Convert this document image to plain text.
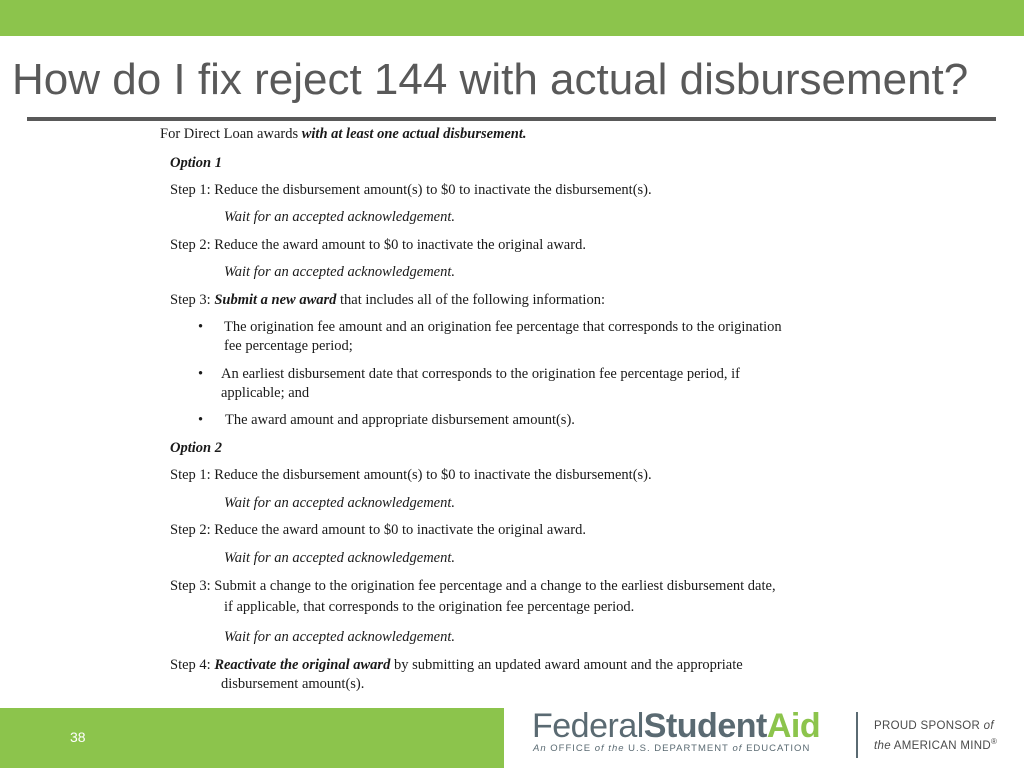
How do I fix reject 144 with actual disbursement?
For Direct Loan awards with at least one actual disbursement.
Option 1
Step 1: Reduce the disbursement amount(s) to $0 to inactivate the disbursement(s).
Wait for an accepted acknowledgement.
Step 2: Reduce the award amount to $0 to inactivate the original award.
Wait for an accepted acknowledgement.
Step 3: Submit a new award that includes all of the following information:
• The origination fee amount and an origination fee percentage that corresponds to the origination
fee percentage period;
• An earliest disbursement date that corresponds to the origination fee percentage period, if
applicable; and
• The award amount and appropriate disbursement amount(s).
Option 2
Step 1: Reduce the disbursement amount(s) to $0 to inactivate the disbursement(s).
Wait for an accepted acknowledgement.
Step 2: Reduce the award amount to $0 to inactivate the original award.
Wait for an accepted acknowledgement.
Step 3: Submit a change to the origination fee percentage and a change to the earliest disbursement date,
if applicable, that corresponds to the origination fee percentage period.
Wait for an accepted acknowledgement.
Step 4: Reactivate the original award by submitting an updated award amount and the appropriate
disbursement amount(s).
38	FederalStudentAid
An OFFICE of the U.S. DEPARTMENT of EDUCATION
PROUD SPONSOR of
the AMERICAN MIND®
